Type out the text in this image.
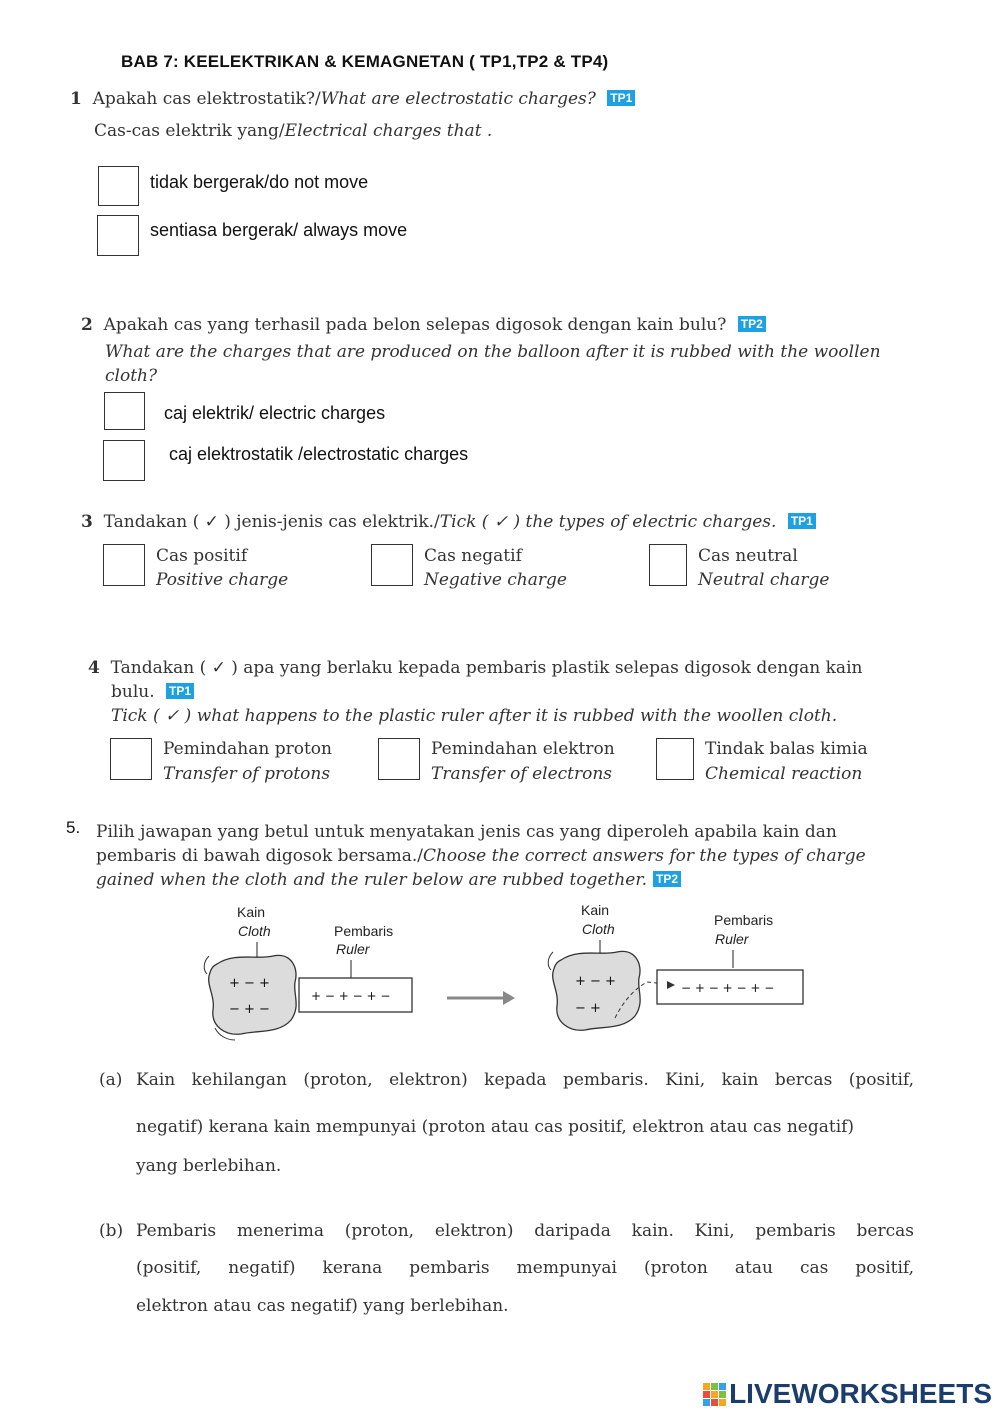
BAB 7: KEELEKTRIKAN & KEMAGNETAN ( TP1,TP2 & TP4)
1 Apakah cas elektrostatik?/What are electrostatic charges? TP1
Cas-cas elektrik yang/Electrical charges that .
tidak bergerak/do not move
sentiasa bergerak/ always move
2 Apakah cas yang terhasil pada belon selepas digosok dengan kain bulu? TP2
What are the charges that are produced on the balloon after it is rubbed with the woollen cloth?
caj elektrik/ electric charges
caj elektrostatik /electrostatic charges
3 Tandakan ( ✓ ) jenis-jenis cas elektrik./Tick ( ✓ ) the types of electric charges. TP1
Cas positif
Positive charge
Cas negatif
Negative charge
Cas neutral
Neutral charge
4 Tandakan ( ✓ ) apa yang berlaku kepada pembaris plastik selepas digosok dengan kain
bulu. TP1
Tick ( ✓ ) what happens to the plastic ruler after it is rubbed with the woollen cloth.
Pemindahan proton
Transfer of protons
Pemindahan elektron
Transfer of electrons
Tindak balas kimia
Chemical reaction
5. Pilih jawapan yang betul untuk menyatakan jenis cas yang diperoleh apabila kain dan
pembaris di bawah digosok bersama./Choose the correct answers for the types of charge
gained when the cloth and the ruler below are rubbed together. TP2
Kain
Cloth	Pembaris
Ruler
Kain
Cloth
Pembaris
Ruler
+ − +
− + −
+ − + − + −
+ − +
− +
− + − + − + −
(a) Kain kehilangan (proton, elektron) kepada pembaris. Kini, kain bercas (positif,
negatif) kerana kain mempunyai (proton atau cas positif, elektron atau cas negatif)
yang berlebihan.
(b) Pembaris menerima (proton, elektron) daripada kain. Kini, pembaris bercas
(positif, negatif) kerana pembaris mempunyai (proton atau cas positif,
elektron atau cas negatif) yang berlebihan.
LIVEWORKSHEETS
